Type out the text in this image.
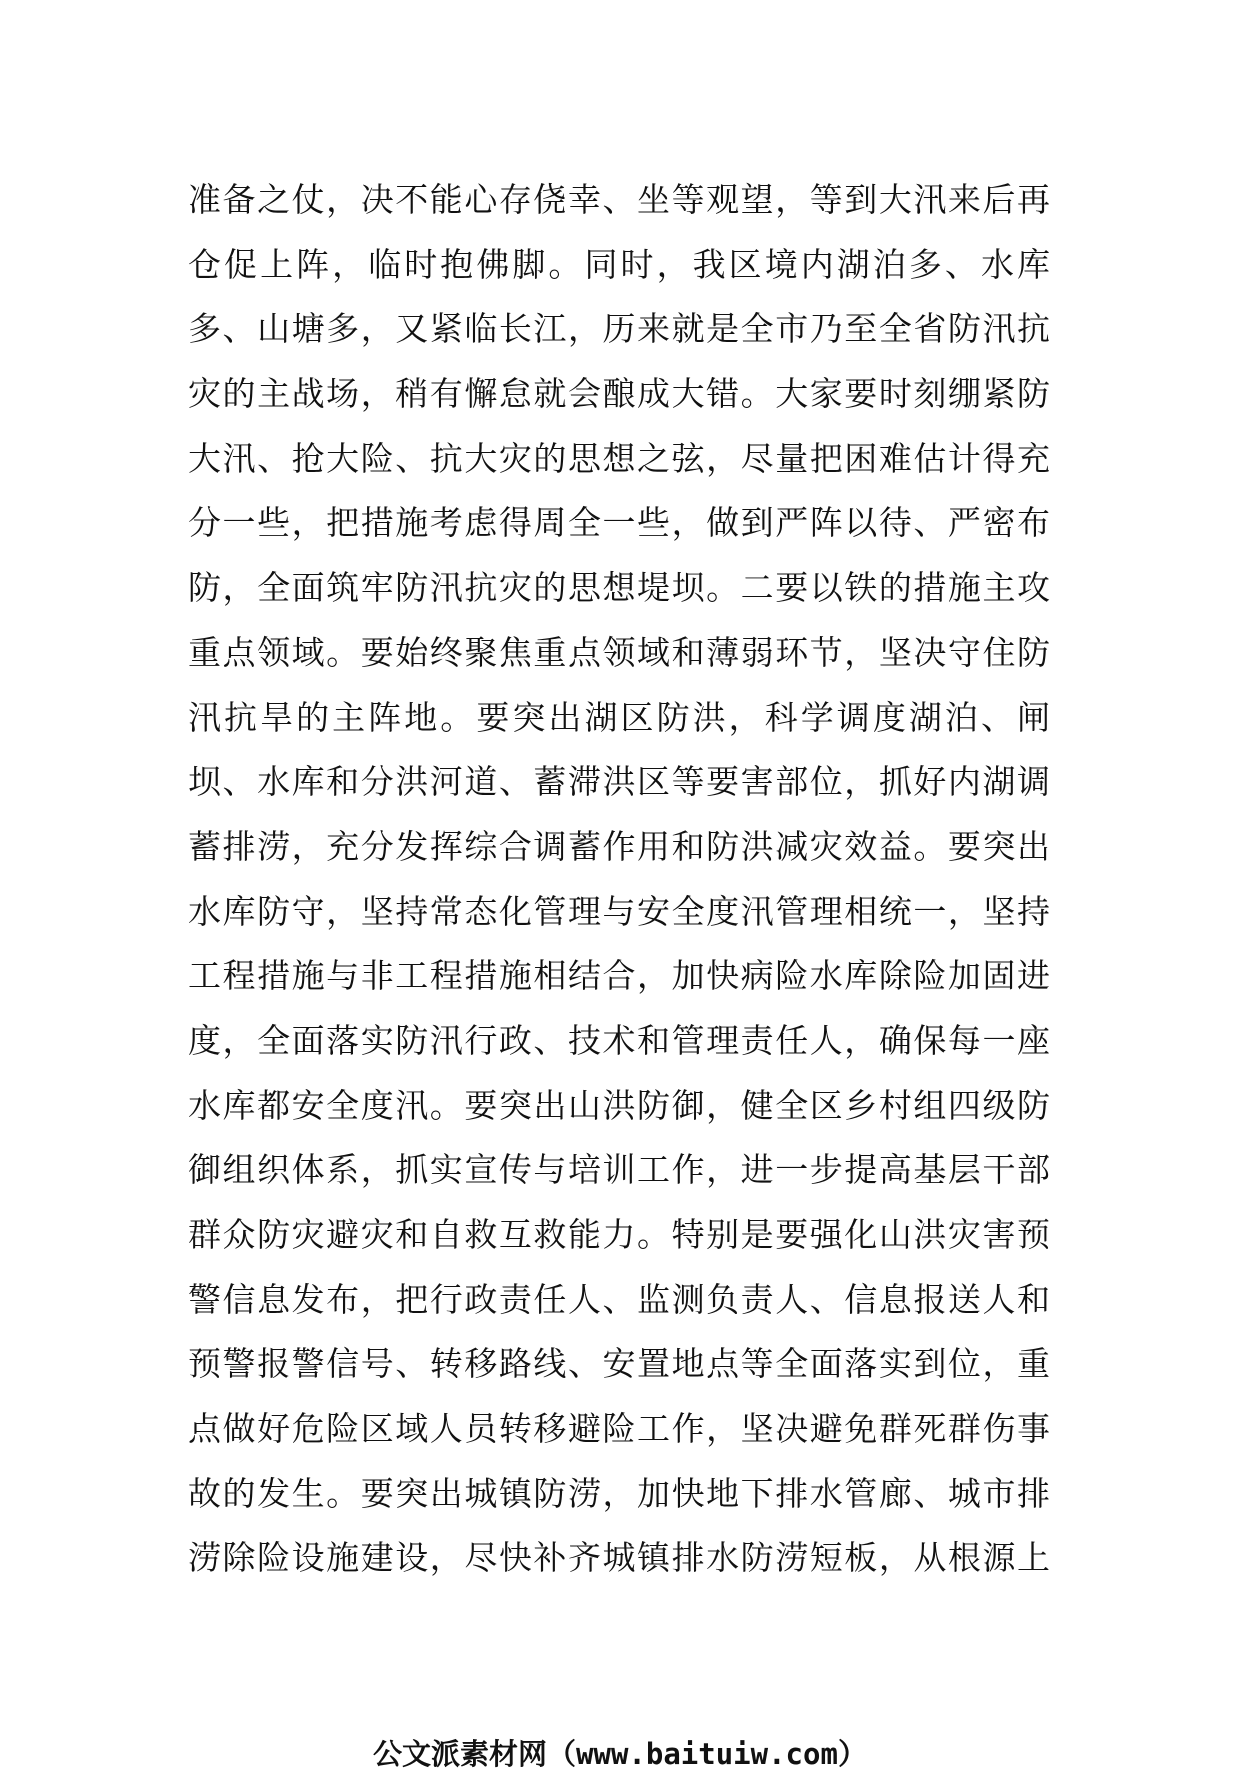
准备之仗，决不能心存侥幸、坐等观望，等到大汛来后再
仓促上阵，临时抱佛脚。同时，我区境内湖泊多、水库
多、山塘多，又紧临长江，历来就是全市乃至全省防汛抗
灾的主战场，稍有懈怠就会酿成大错。大家要时刻绷紧防
大汛、抢大险、抗大灾的思想之弦，尽量把困难估计得充
分一些，把措施考虑得周全一些，做到严阵以待、严密布
防，全面筑牢防汛抗灾的思想堤坝。二要以铁的措施主攻
重点领域。要始终聚焦重点领域和薄弱环节，坚决守住防
汛抗旱的主阵地。要突出湖区防洪，科学调度湖泊、闸
坝、水库和分洪河道、蓄滞洪区等要害部位，抓好内湖调
蓄排涝，充分发挥综合调蓄作用和防洪减灾效益。要突出
水库防守，坚持常态化管理与安全度汛管理相统一，坚持
工程措施与非工程措施相结合，加快病险水库除险加固进
度，全面落实防汛行政、技术和管理责任人，确保每一座
水库都安全度汛。要突出山洪防御，健全区乡村组四级防
御组织体系，抓实宣传与培训工作，进一步提高基层干部
群众防灾避灾和自救互救能力。特别是要强化山洪灾害预
警信息发布，把行政责任人、监测负责人、信息报送人和
预警报警信号、转移路线、安置地点等全面落实到位，重
点做好危险区域人员转移避险工作，坚决避免群死群伤事
故的发生。要突出城镇防涝，加快地下排水管廊、城市排
涝除险设施建设，尽快补齐城镇排水防涝短板，从根源上
公文派素材网（www.baituiw.com）
